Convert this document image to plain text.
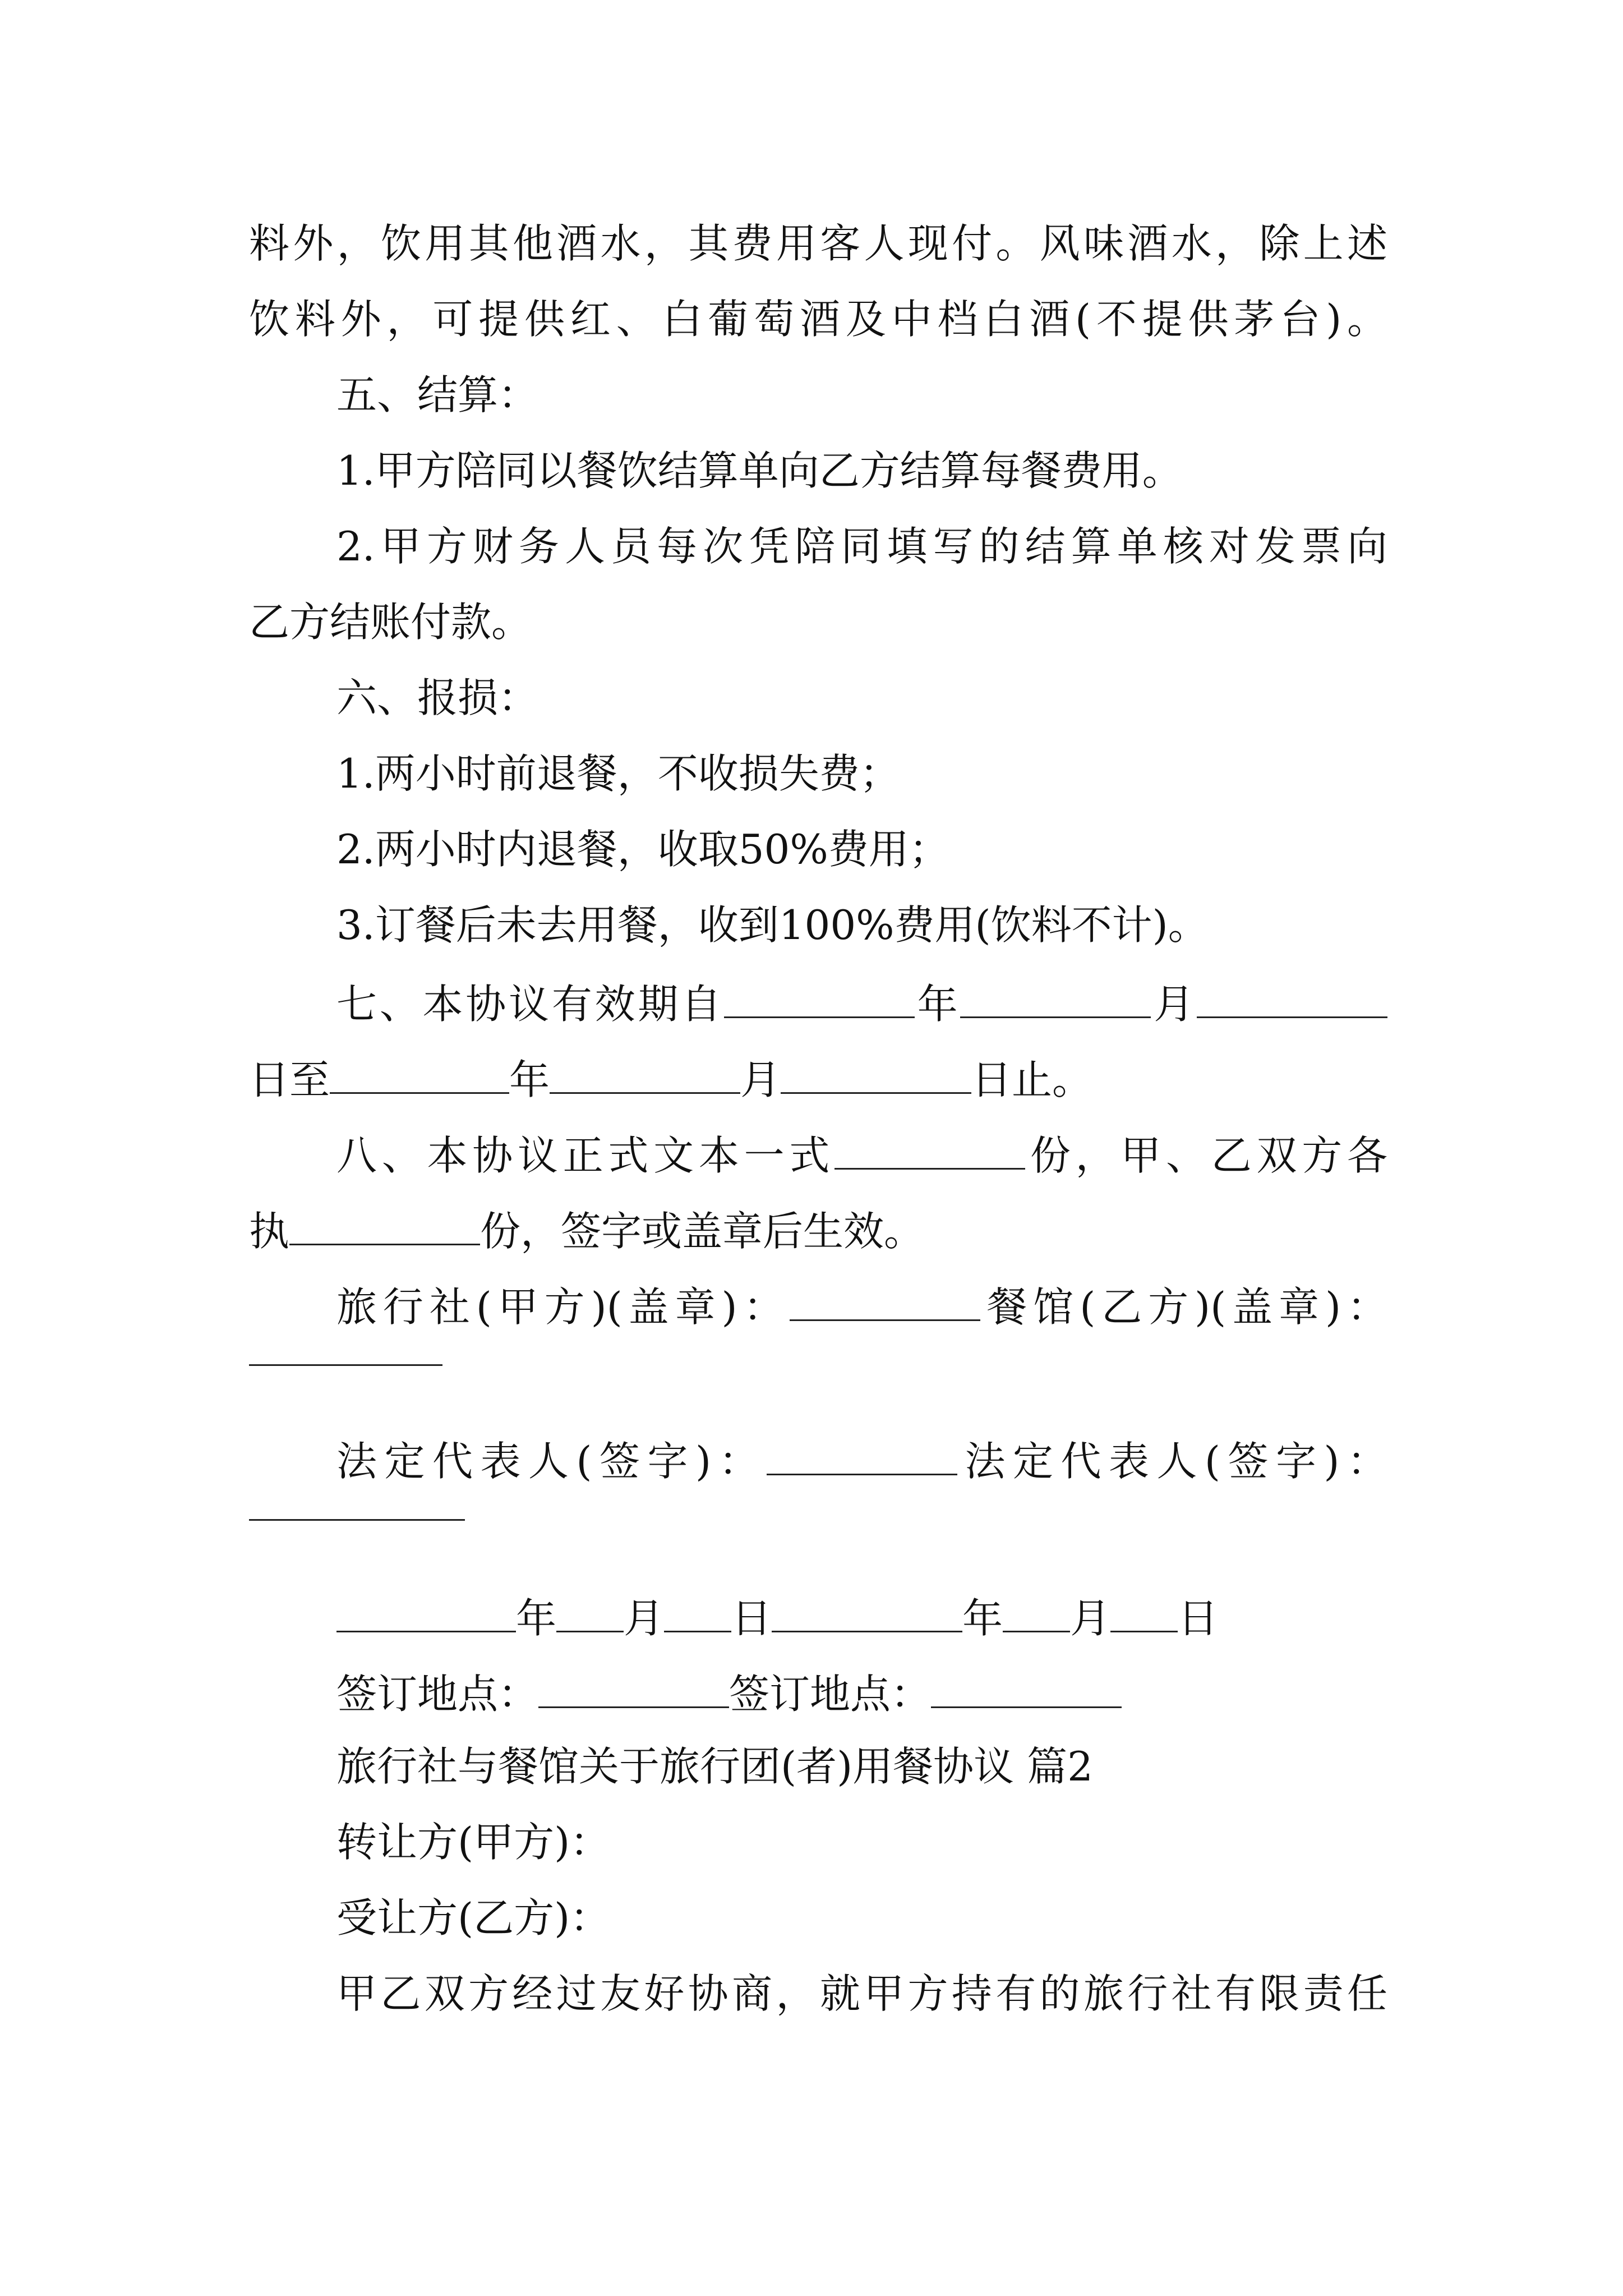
料外，饮用其他酒水，其费用客人现付。风味酒水，除上述
饮料外，可提供红、白葡萄酒及中档白酒(不提供茅台)。
五、结算：
1.甲方陪同以餐饮结算单向乙方结算每餐费用。
2.甲方财务人员每次凭陪同填写的结算单核对发票向
乙方结账付款。
六、报损：
1.两小时前退餐，不收损失费；
2.两小时内退餐，收取50%费用；
3.订餐后未去用餐，收到100%费用(饮料不计)。
七、本协议有效期自	年	月
日至	年	月	日止。
八、本协议正式文本一式	份，甲、乙双方各
执	份，签字或盖章后生效。
旅行社(甲方)(盖章)：	餐馆(乙方)(盖章)：
法定代表人(签字)：	法定代表人(签字)：
年 月 日	年 月 日
签订地点：	签订地点：
旅行社与餐馆关于旅行团(者)用餐协议 篇2
转让方(甲方)：
受让方(乙方)：
甲乙双方经过友好协商，就甲方持有的旅行社有限责任
